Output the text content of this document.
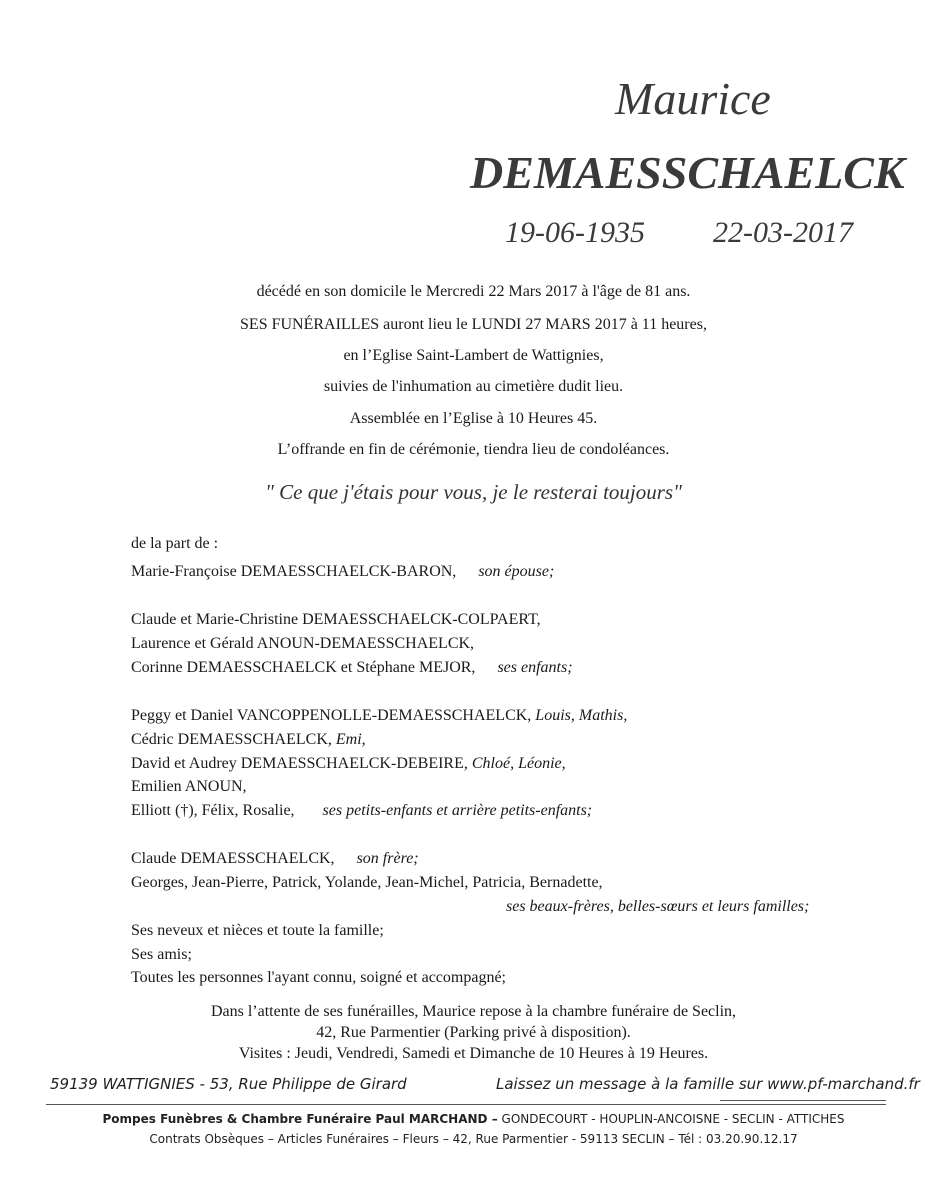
Maurice
DEMAESSCHAELCK
19-06-1935 22-03-2017
décédé en son domicile le Mercredi 22 Mars 2017 à l'âge de 81 ans.
SES FUNÉRAILLES auront lieu le LUNDI 27 MARS 2017 à 11 heures,
en l’Eglise Saint-Lambert de Wattignies,
suivies de l'inhumation au cimetière dudit lieu.
Assemblée en l’Eglise à 10 Heures 45.
L’offrande en fin de cérémonie, tiendra lieu de condoléances.
" Ce que j'étais pour vous, je le resterai toujours"
de la part de :
Marie-Françoise DEMAESSCHAELCK-BARON, son épouse;
Claude et Marie-Christine DEMAESSCHAELCK-COLPAERT,
Laurence et Gérald ANOUN-DEMAESSCHAELCK,
Corinne DEMAESSCHAELCK et Stéphane MEJOR, ses enfants;
Peggy et Daniel VANCOPPENOLLE-DEMAESSCHAELCK, Louis, Mathis,
Cédric DEMAESSCHAELCK, Emi,
David et Audrey DEMAESSCHAELCK-DEBEIRE, Chloé, Léonie,
Emilien ANOUN,
Elliott (†), Félix, Rosalie, ses petits-enfants et arrière petits-enfants;
Claude DEMAESSCHAELCK, son frère;
Georges, Jean-Pierre, Patrick, Yolande, Jean-Michel, Patricia, Bernadette,
ses beaux-frères, belles-sœurs et leurs familles;
Ses neveux et nièces et toute la famille;
Ses amis;
Toutes les personnes l'ayant connu, soigné et accompagné;
Dans l’attente de ses funérailles, Maurice repose à la chambre funéraire de Seclin,
42, Rue Parmentier (Parking privé à disposition).
Visites : Jeudi, Vendredi, Samedi et Dimanche de 10 Heures à 19 Heures.
59139 WATTIGNIES - 53, Rue Philippe de Girard	Laissez un message à la famille sur www.pf-marchand.fr
Pompes Funèbres & Chambre Funéraire Paul MARCHAND – GONDECOURT - HOUPLIN-ANCOISNE - SECLIN - ATTICHES
Contrats Obsèques – Articles Funéraires – Fleurs – 42, Rue Parmentier - 59113 SECLIN – Tél : 03.20.90.12.17
